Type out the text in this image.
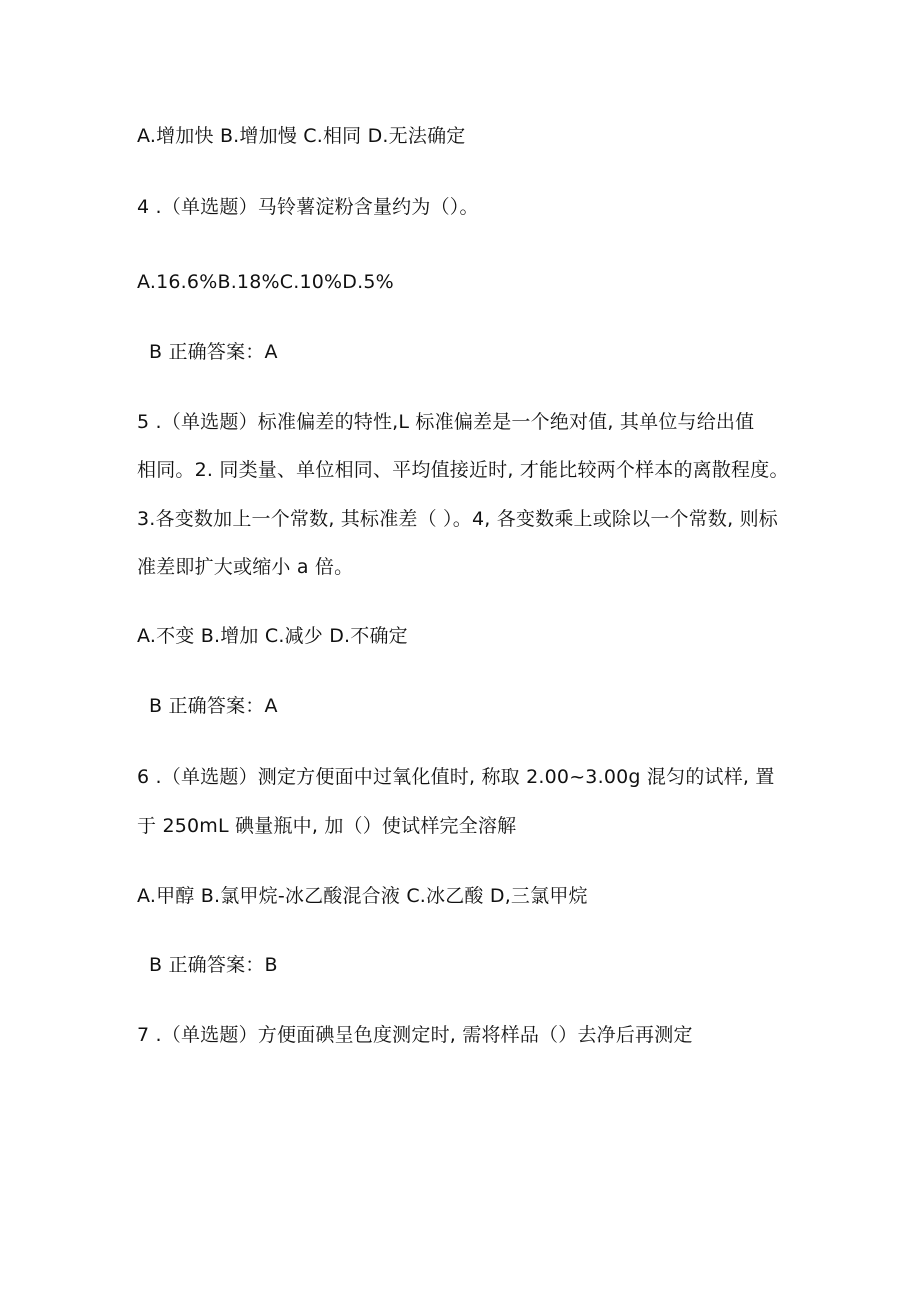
A.增加快 B.增加慢 C.相同 D.无法确定
4 .（单选题）马铃薯淀粉含量约为（）。
A.16.6%B.18%C.10%D.5%
B 正确答案：A
5 .（单选题）标准偏差的特性,L 标准偏差是一个绝对值, 其单位与给出值
相同。2. 同类量、单位相同、平均值接近时, 才能比较两个样本的离散程度。
3.各变数加上一个常数, 其标准差（ ）。4, 各变数乘上或除以一个常数, 则标
准差即扩大或缩小 a 倍。
A.不变 B.增加 C.减少 D.不确定
B 正确答案：A
6 .（单选题）测定方便面中过氧化值时, 称取 2.00~3.00g 混匀的试样, 置
于 250mL 碘量瓶中, 加（）使试样完全溶解
A.甲醇 B.氯甲烷-冰乙酸混合液 C.冰乙酸 D,三氯甲烷
B 正确答案：B
7 .（单选题）方便面碘呈色度测定时, 需将样品（）去净后再测定
